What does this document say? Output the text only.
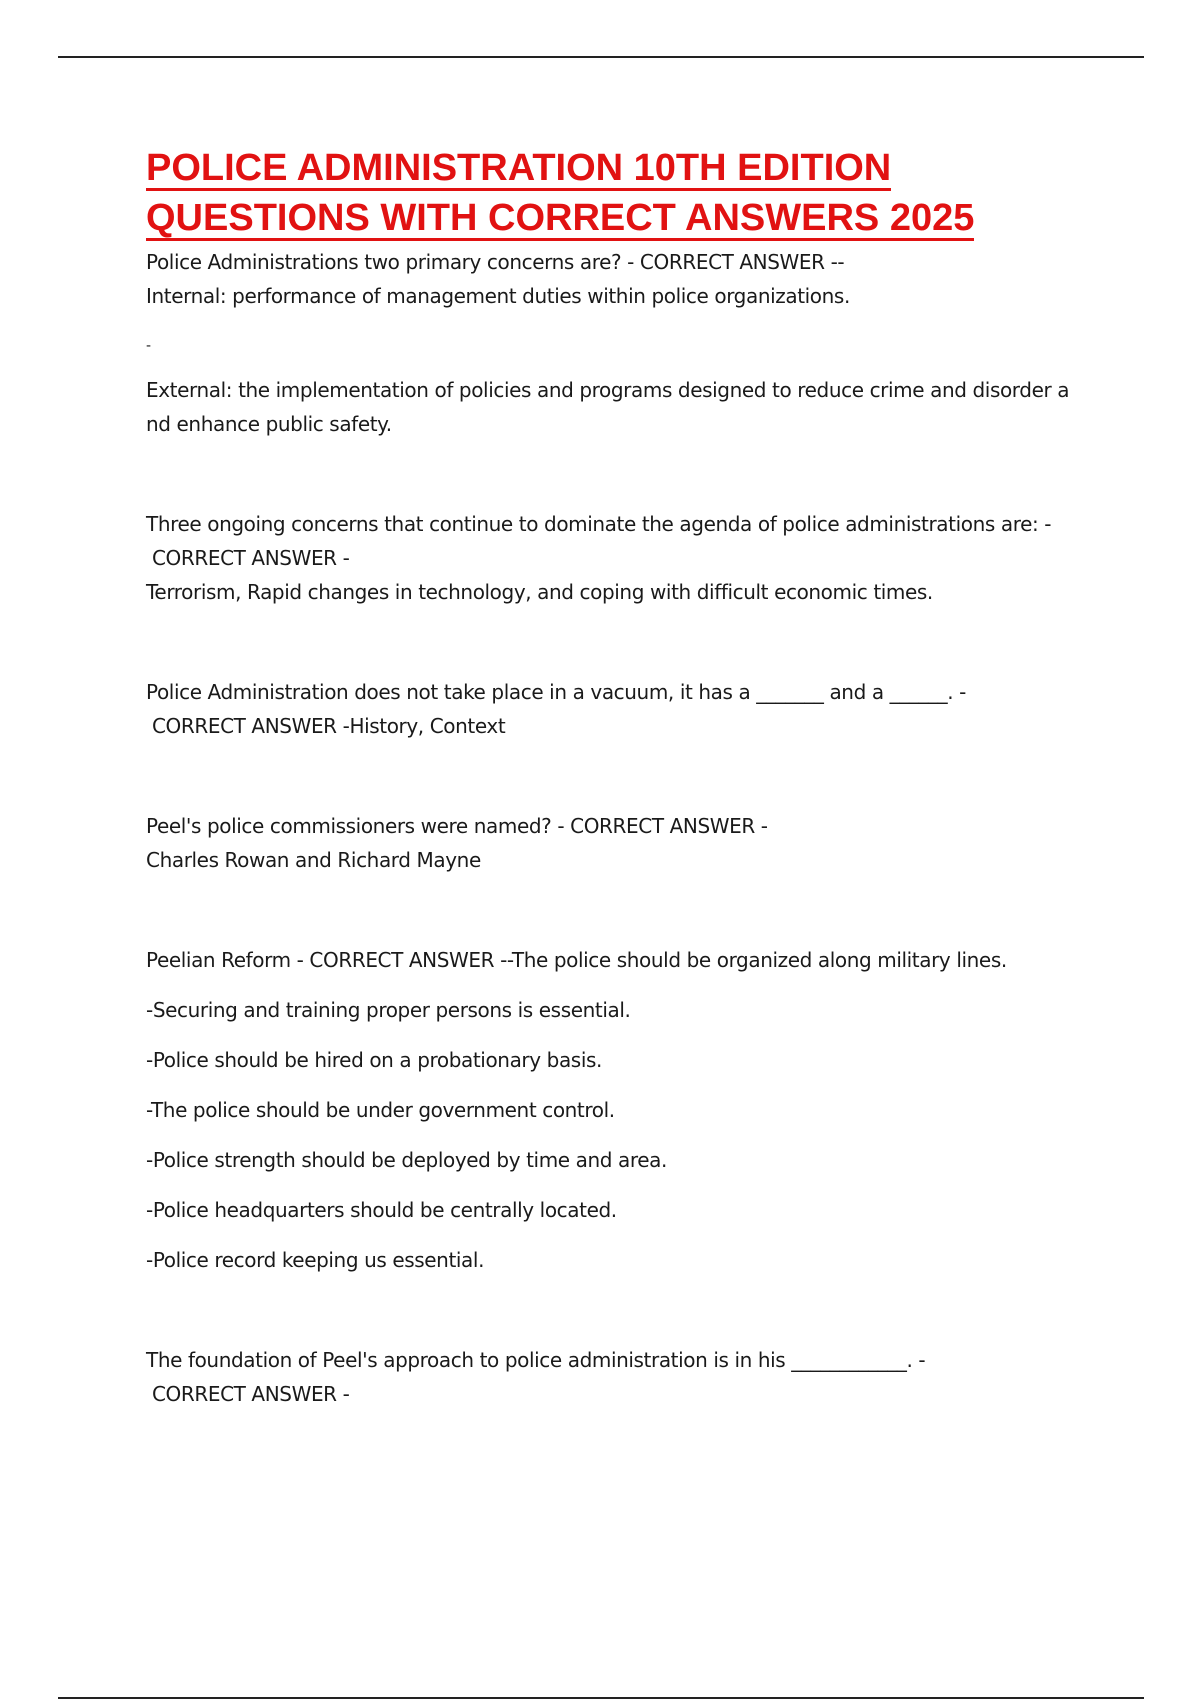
POLICE ADMINISTRATION 10TH EDITION
QUESTIONS WITH CORRECT ANSWERS 2025

Police Administrations two primary concerns are? - CORRECT ANSWER --

Internal: performance of management duties within police organizations.

-

External: the implementation of policies and programs designed to reduce crime and disorder a

nd enhance public safety.

Three ongoing concerns that continue to dominate the agenda of police administrations are: -

CORRECT ANSWER -

Terrorism, Rapid changes in technology, and coping with difficult economic times.

Police Administration does not take place in a vacuum, it has a _______ and a ______. -

CORRECT ANSWER -History, Context

Peel's police commissioners were named? - CORRECT ANSWER -

Charles Rowan and Richard Mayne

Peelian Reform - CORRECT ANSWER --The police should be organized along military lines.

-Securing and training proper persons is essential.

-Police should be hired on a probationary basis.

-The police should be under government control.

-Police strength should be deployed by time and area.

-Police headquarters should be centrally located.

-Police record keeping us essential.

The foundation of Peel's approach to police administration is in his ____________. -

CORRECT ANSWER -
